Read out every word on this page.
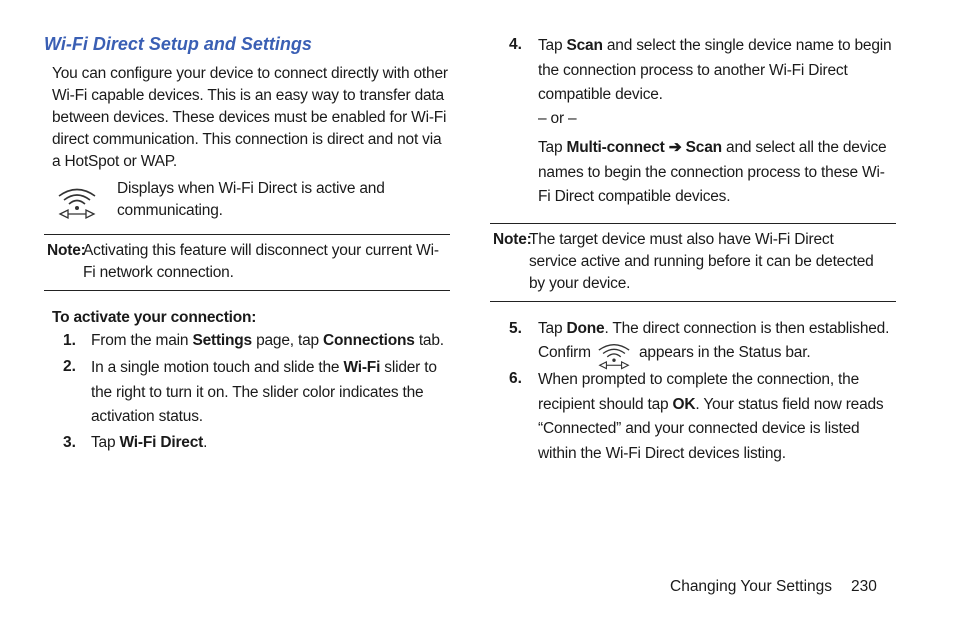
Wi-Fi Direct Setup and Settings
You can configure your device to connect directly with other Wi-Fi capable devices. This is an easy way to transfer data between devices. These devices must be enabled for Wi-Fi direct communication. This connection is direct and not via a HotSpot or WAP.
Displays when Wi-Fi Direct is active and communicating.
Note:
Activating this feature will disconnect your current Wi-Fi network connection.
To activate your connection:
1. From the main Settings page, tap Connections tab.
2. In a single motion touch and slide the Wi-Fi slider to the right to turn it on. The slider color indicates the activation status.
3. Tap Wi-Fi Direct.
4. Tap Scan and select the single device name to begin the connection process to another Wi-Fi Direct compatible device.
– or –
Tap Multi-connect ➔ Scan and select all the device names to begin the connection process to these Wi-Fi Direct compatible devices.
Note:
The target device must also have Wi-Fi Direct service active and running before it can be detected by your device.
5. Tap Done. The direct connection is then established.
Confirm	appears in the Status bar.
6. When prompted to complete the connection, the recipient should tap OK. Your status field now reads “Connected” and your connected device is listed within the Wi-Fi Direct devices listing.
Changing Your Settings 230
